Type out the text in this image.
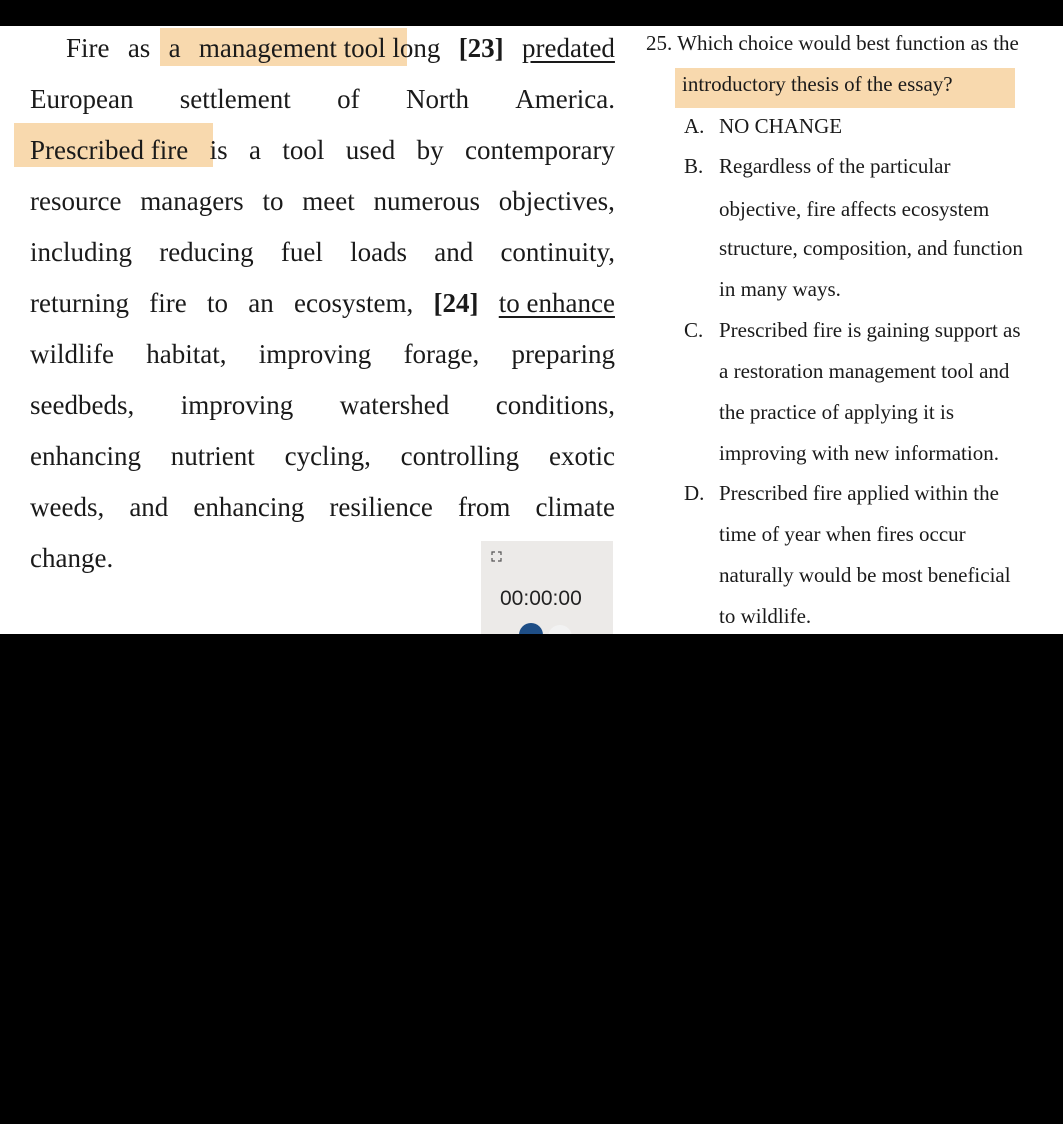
Fire as a management tool long [23] predated
European settlement of North America.
Prescribed fire is a tool used by contemporary
resource managers to meet numerous objectives,
including reducing fuel loads and continuity,
returning fire to an ecosystem, [24] to enhance
wildlife habitat, improving forage, preparing
seedbeds, improving watershed conditions,
enhancing nutrient cycling, controlling exotic
weeds, and enhancing resilience from climate
change.
25. Which choice would best function as the
introductory thesis of the essay?
A. NO CHANGE
B. Regardless of the particular
objective, fire affects ecosystem
structure, composition, and function
in many ways.
C. Prescribed fire is gaining support as
a restoration management tool and
the practice of applying it is
improving with new information.
D. Prescribed fire applied within the
time of year when fires occur
naturally would be most beneficial
to wildlife.
00:00:00
